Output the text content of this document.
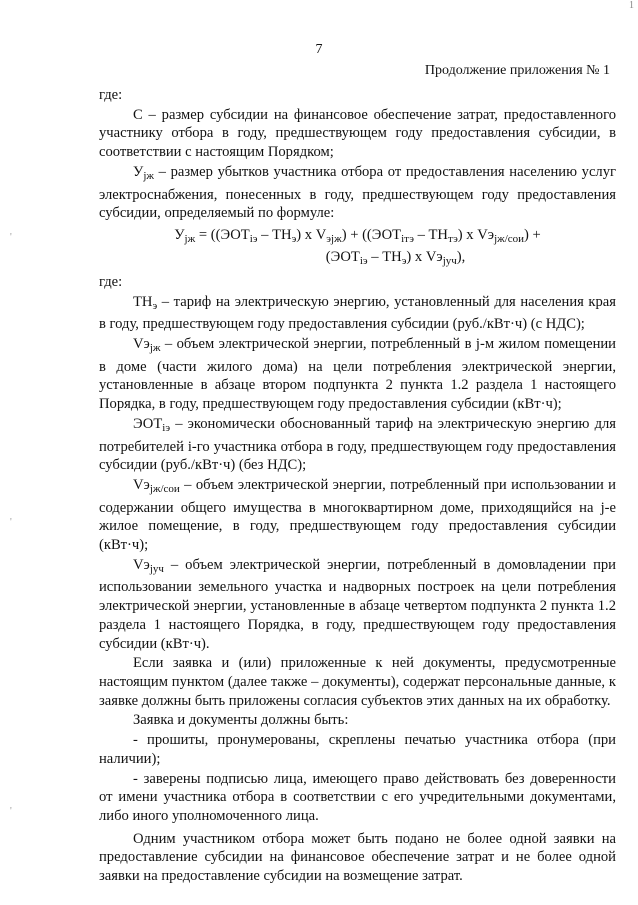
1
7
Продолжение приложения № 1
'
'
'

где:

С – размер субсидии на финансовое обеспечение затрат, предоставленного участнику отбора в году, предшествующем году предоставления субсидии, в соответствии с настоящим Порядком;

$У_{jж}$ – размер убытков участника отбора от предоставления населению услуг электроснабжения, понесенных в году, предшествующем году предоставления субсидии, определяемый по формуле:

$У_{jж} = ((ЭОТ_{iэ} - ТН_э)$ х $V_{эjж}) + ((ЭОТ_{iтэ} - ТН_{тэ})$ х $Vэ_{jж/сои}$) +
$(ЭОТ_{iэ} - ТН_э)$ х $Vэ_{jуч}$),

где:

$ТН_э$ – тариф на электрическую энергию, установленный для населения края в году, предшествующем году предоставления субсидии (руб./кВт·ч) (с НДС);

$Vэ_{jж}$ – объем электрической энергии, потребленный в j-м жилом помещении в доме (части жилого дома) на цели потребления электрической энергии, установленные в абзаце втором подпункта 2 пункта 1.2 раздела 1 настоящего Порядка, в году, предшествующем году предоставления субсидии (кВт·ч);

$ЭОТ_{iэ}$ – экономически обоснованный тариф на электрическую энергию для потребителей i-го участника отбора в году, предшествующем году предоставления субсидии (руб./кВт·ч) (без НДС);

$Vэ_{jж/сои}$ – объем электрической энергии, потребленный при использовании и содержании общего имущества в многоквартирном доме, приходящийся на j-е жилое помещение, в году, предшествующем году предоставления субсидии (кВт·ч);

$Vэ_{jуч}$ – объем электрической энергии, потребленный в домовладении при использовании земельного участка и надворных построек на цели потребления электрической энергии, установленные в абзаце четвертом подпункта 2 пункта 1.2 раздела 1 настоящего Порядка, в году, предшествующем году предоставления субсидии (кВт·ч).

Если заявка и (или) приложенные к ней документы, предусмотренные настоящим пунктом (далее также – документы), содержат персональные данные, к заявке должны быть приложены согласия субъектов этих данных на их обработку.

Заявка и документы должны быть:

- прошиты, пронумерованы, скреплены печатью участника отбора (при наличии);

- заверены подписью лица, имеющего право действовать без доверенности от имени участника отбора в соответствии с его учредительными документами, либо иного уполномоченного лица.

Одним участником отбора может быть подано не более одной заявки на предоставление субсидии на финансовое обеспечение затрат и не более одной заявки на предоставление субсидии на возмещение затрат.
